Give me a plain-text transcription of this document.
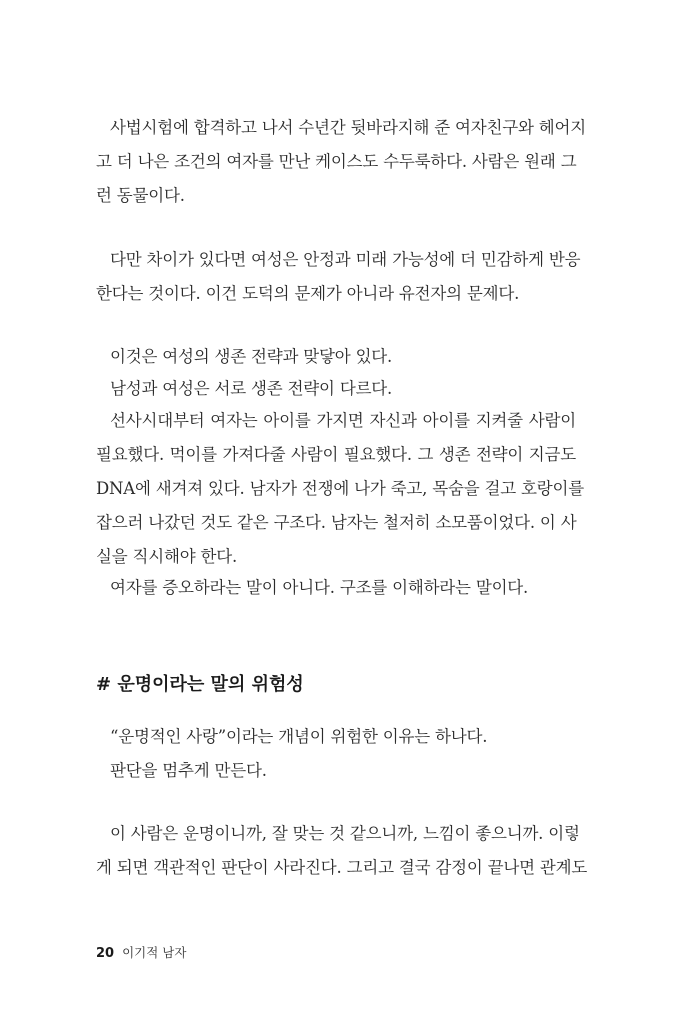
사법시험에 합격하고 나서 수년간 뒷바라지해 준 여자친구와 헤어지
고 더 나은 조건의 여자를 만난 케이스도 수두룩하다. 사람은 원래 그
런 동물이다.
다만 차이가 있다면 여성은 안정과 미래 가능성에 더 민감하게 반응
한다는 것이다. 이건 도덕의 문제가 아니라 유전자의 문제다.
이것은 여성의 생존 전략과 맞닿아 있다.
남성과 여성은 서로 생존 전략이 다르다.
선사시대부터 여자는 아이를 가지면 자신과 아이를 지켜줄 사람이
필요했다. 먹이를 가져다줄 사람이 필요했다. 그 생존 전략이 지금도
DNA에 새겨져 있다. 남자가 전쟁에 나가 죽고, 목숨을 걸고 호랑이를
잡으러 나갔던 것도 같은 구조다. 남자는 철저히 소모품이었다. 이 사
실을 직시해야 한다.
여자를 증오하라는 말이 아니다. 구조를 이해하라는 말이다.
# 운명이라는 말의 위험성
“운명적인 사랑”이라는 개념이 위험한 이유는 하나다.
판단을 멈추게 만든다.
이 사람은 운명이니까, 잘 맞는 것 같으니까, 느낌이 좋으니까. 이렇
게 되면 객관적인 판단이 사라진다. 그리고 결국 감정이 끝나면 관계도
20 이기적 남자
